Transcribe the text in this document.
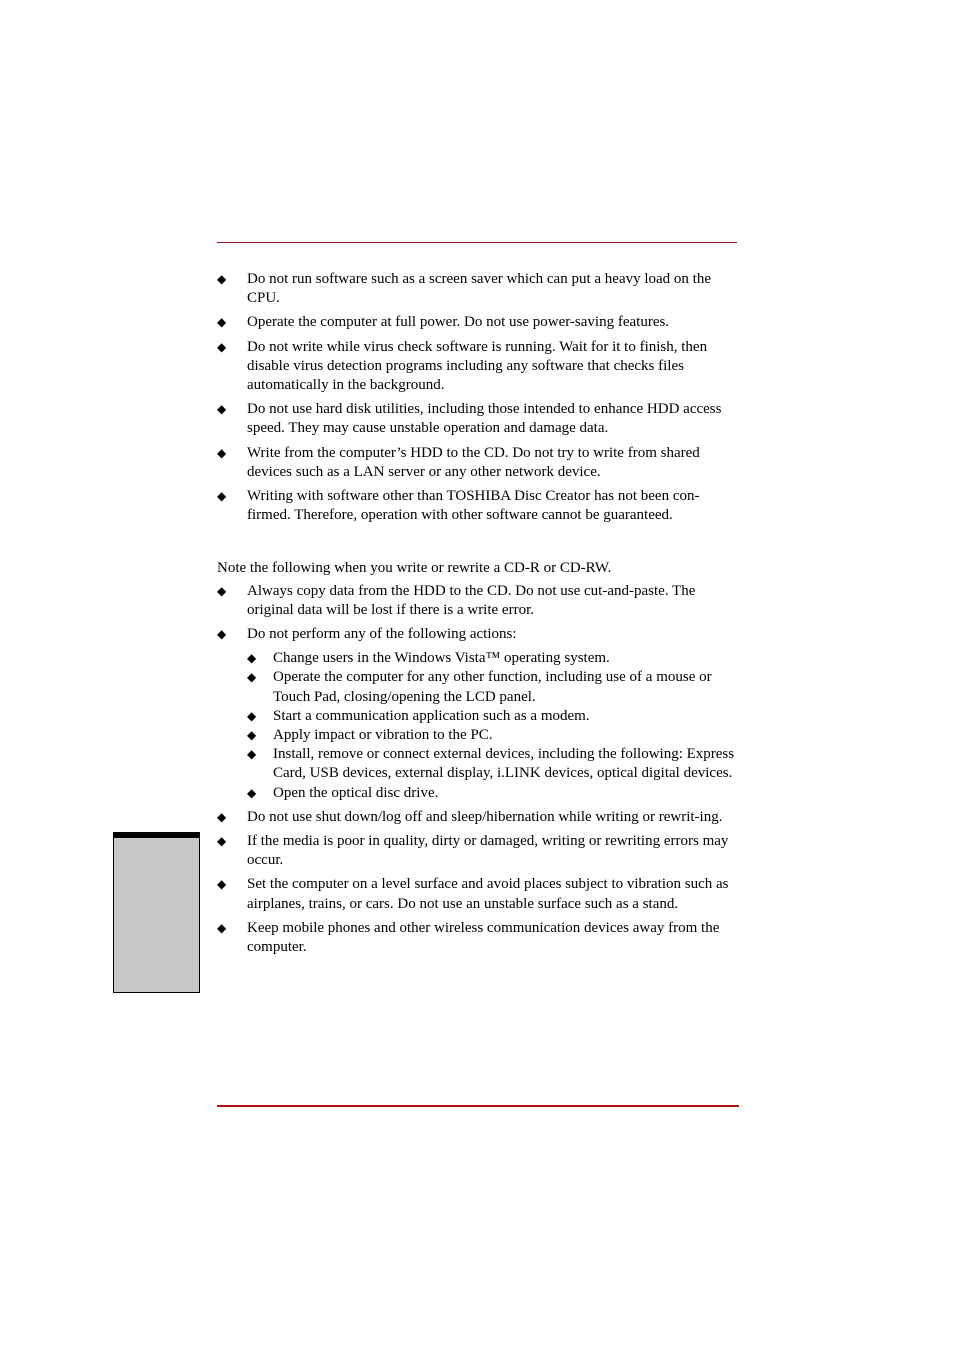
◆ Do not run software such as a screen saver which can put a heavy load on the CPU.
◆ Operate the computer at full power. Do not use power-saving features.
◆ Do not write while virus check software is running. Wait for it to finish, then disable virus detection programs including any software that checks files automatically in the background.
◆ Do not use hard disk utilities, including those intended to enhance HDD access speed. They may cause unstable operation and damage data.
◆ Write from the computer’s HDD to the CD. Do not try to write from shared devices such as a LAN server or any other network device.
◆ Writing with software other than TOSHIBA Disc Creator has not been con-firmed. Therefore, operation with other software cannot be guaranteed.

Note the following when you write or rewrite a CD-R or CD-RW.

◆ Always copy data from the HDD to the CD. Do not use cut-and-paste. The original data will be lost if there is a write error.
◆ Do not perform any of the following actions:
◆ Change users in the Windows Vista™ operating system.
◆ Operate the computer for any other function, including use of a mouse or Touch Pad, closing/opening the LCD panel.
◆ Start a communication application such as a modem.
◆ Apply impact or vibration to the PC.
◆ Install, remove or connect external devices, including the following: Express Card, USB devices, external display, i.LINK devices, optical digital devices.
◆ Open the optical disc drive.
◆ Do not use shut down/log off and sleep/hibernation while writing or rewrit-ing.
◆ If the media is poor in quality, dirty or damaged, writing or rewriting errors may occur.
◆ Set the computer on a level surface and avoid places subject to vibration such as airplanes, trains, or cars. Do not use an unstable surface such as a stand.
◆ Keep mobile phones and other wireless communication devices away from the computer.
